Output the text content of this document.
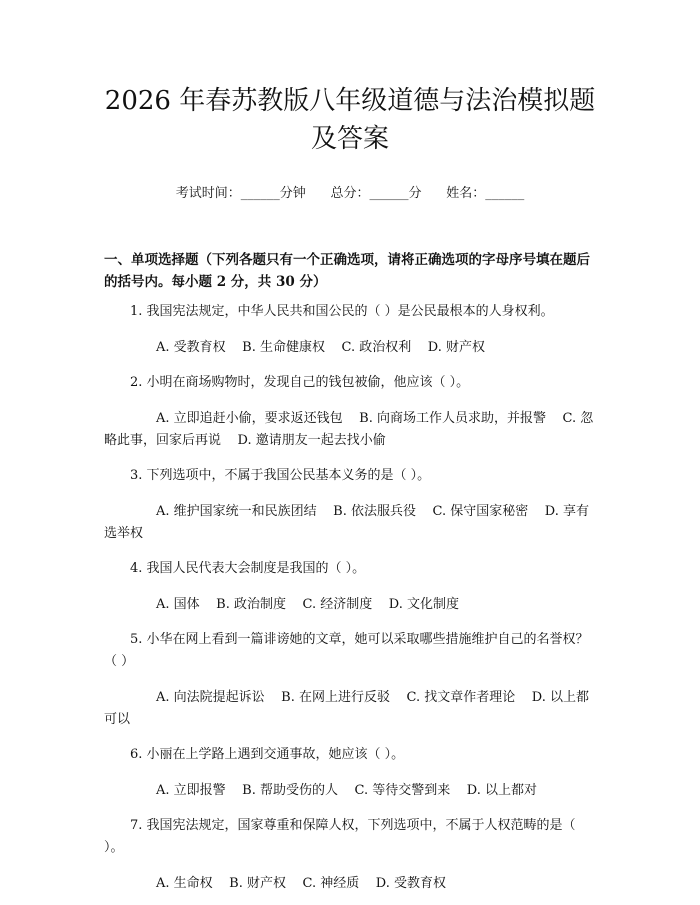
2026 年春苏教版八年级道德与法治模拟题及答案
考试时间：______分钟      总分：______分      姓名：______
一、单项选择题（下列各题只有一个正确选项，请将正确选项的字母序号填在题后的括号内。每小题 2 分，共 30 分）
1. 我国宪法规定，中华人民共和国公民的（ ）是公民最根本的人身权利。
A. 受教育权    B. 生命健康权    C. 政治权利    D. 财产权
2. 小明在商场购物时，发现自己的钱包被偷，他应该（ ）。
A. 立即追赶小偷，要求返还钱包    B. 向商场工作人员求助，并报警    C. 忽略此事，回家后再说    D. 邀请朋友一起去找小偷
3. 下列选项中，不属于我国公民基本义务的是（ ）。
A. 维护国家统一和民族团结    B. 依法服兵役    C. 保守国家秘密    D. 享有选举权
4. 我国人民代表大会制度是我国的（ ）。
A. 国体    B. 政治制度    C. 经济制度    D. 文化制度
5. 小华在网上看到一篇诽谤她的文章，她可以采取哪些措施维护自己的名誉权？（ ）
A. 向法院提起诉讼    B. 在网上进行反驳    C. 找文章作者理论    D. 以上都可以
6. 小丽在上学路上遇到交通事故，她应该（ ）。
A. 立即报警    B. 帮助受伤的人    C. 等待交警到来    D. 以上都对
7. 我国宪法规定，国家尊重和保障人权，下列选项中，不属于人权范畴的是（ ）。
A. 生命权    B. 财产权    C. 神经质    D. 受教育权
